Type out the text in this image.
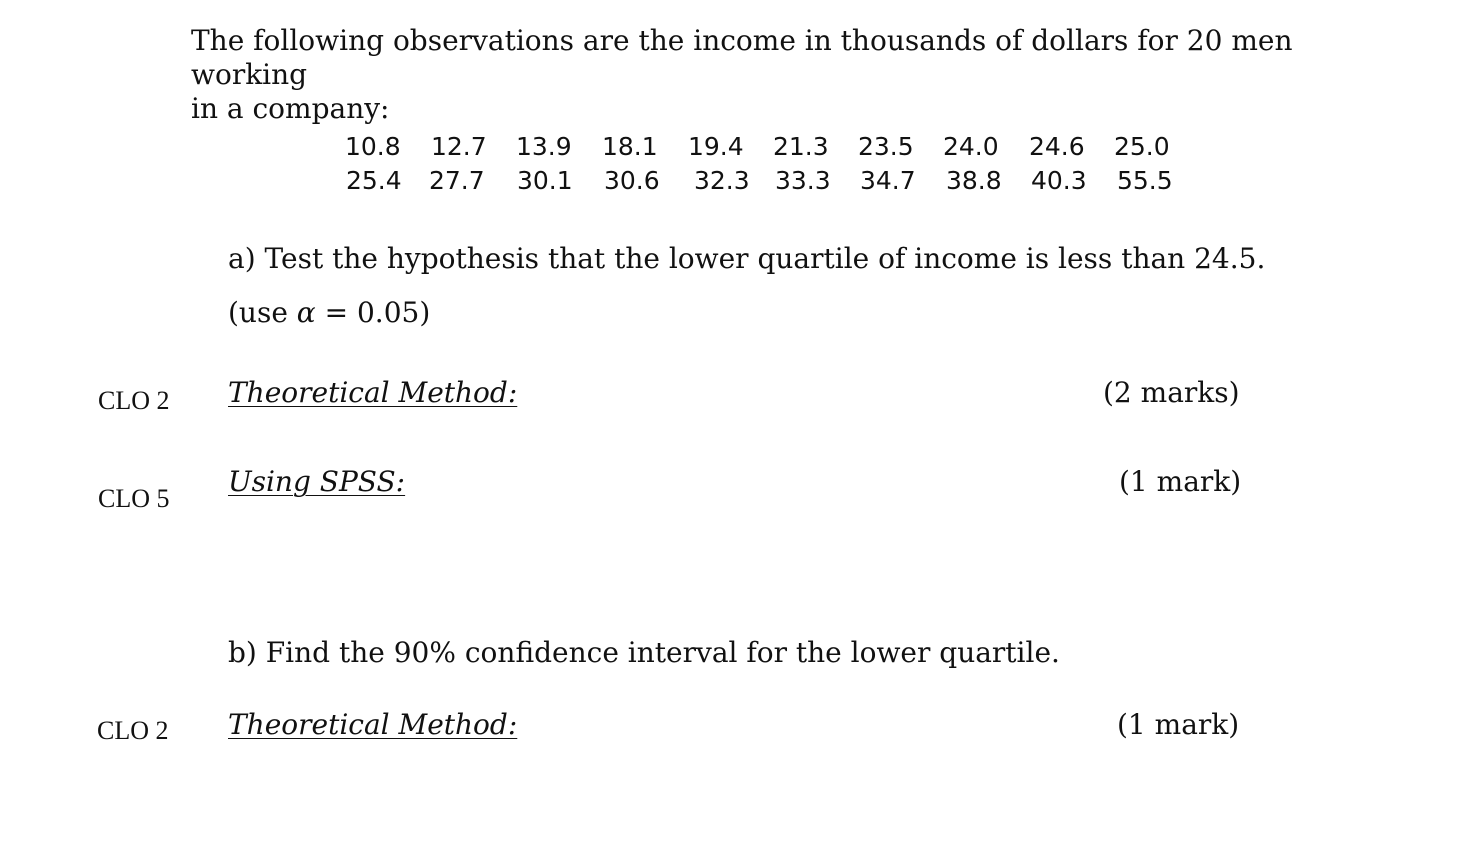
The following observations are the income in thousands of dollars for 20 men working
in a company:
10.8 12.7 13.9 18.1 19.4 21.3 23.5 24.0 24.6 25.0
25.4 27.7 30.1 30.6 32.3 33.3 34.7 38.8 40.3 55.5
a) Test the hypothesis that the lower quartile of income is less than 24.5. (use α = 0.05)
CLO 2 Theoretical Method:	(2 marks)
CLO 5
Using SPSS:	(1 mark)
b) Find the 90% confidence interval for the lower quartile.
CLO 2 Theoretical Method:	(1 mark)
